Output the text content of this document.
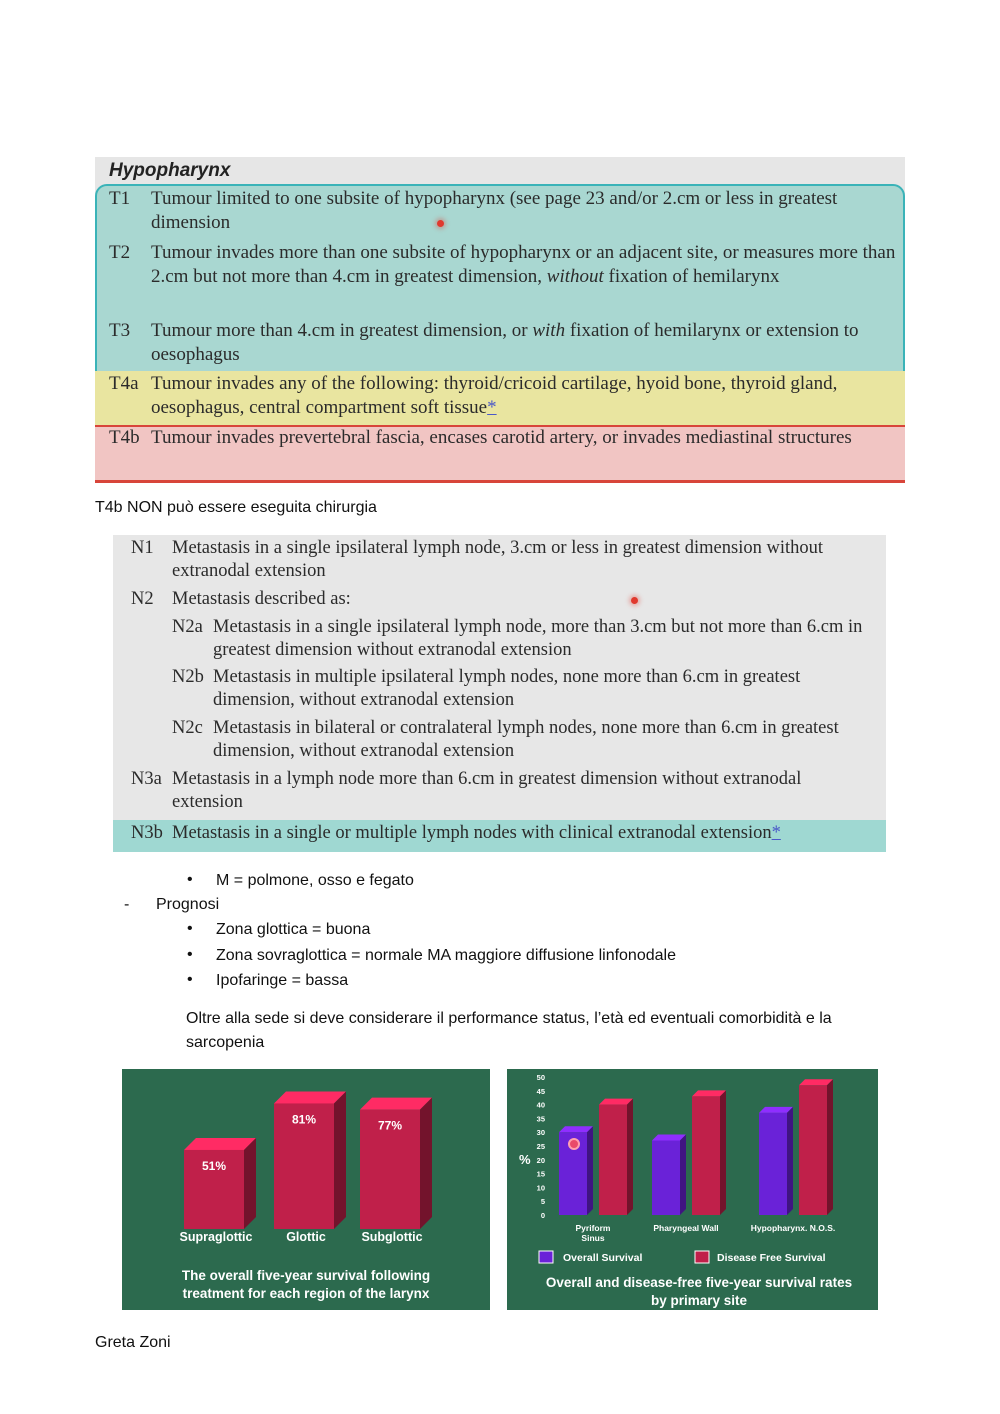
Hypopharynx
T1	Tumour limited to one subsite of hypopharynx (see page 23 and/or 2.cm or less in greatest dimension
T2	Tumour invades more than one subsite of hypopharynx or an adjacent site, or measures more than 2.cm but not more than 4.cm in greatest dimension, without fixation of hemilarynx
T3	Tumour more than 4.cm in greatest dimension, or with fixation of hemilarynx or extension to oesophagus
T4a Tumour invades any of the following: thyroid/cricoid cartilage, hyoid bone, thyroid gland, oesophagus, central compartment soft tissue*
T4b Tumour invades prevertebral fascia, encases carotid artery, or invades mediastinal structures
T4b NON può essere eseguita chirurgia
N1 Metastasis in a single ipsilateral lymph node, 3.cm or less in greatest dimension without extranodal extension
N2 Metastasis described as:
N2a Metastasis in a single ipsilateral lymph node, more than 3.cm but not more than 6.cm in greatest dimension without extranodal extension
N2b Metastasis in multiple ipsilateral lymph nodes, none more than 6.cm in greatest dimension, without extranodal extension
N2c Metastasis in bilateral or contralateral lymph nodes, none more than 6.cm in greatest dimension, without extranodal extension
N3a Metastasis in a lymph node more than 6.cm in greatest dimension without extranodal extension
N3b Metastasis in a single or multiple lymph nodes with clinical extranodal extension*
• M = polmone, osso e fegato
- Prognosi
• Zona glottica = buona
• Zona sovraglottica = normale MA maggiore diffusione linfonodale
• Ipofaringe = bassa
Oltre alla sede si deve considerare il performance status, l’età ed eventuali comorbidità e la
sarcopenia
51%
Supraglottic
81%
Glottic
77%
Subglottic
The overall five-year survival following
treatment for each region of the larynx
0
5
10
15
20
25
30
35
40
45
50
Pyriform
Sinus
Pharyngeal Wall	Hypopharynx. N.O.S.
%
Overall Survival	Disease Free Survival
Overall and disease-free five-year survival rates
by primary site
Greta Zoni
